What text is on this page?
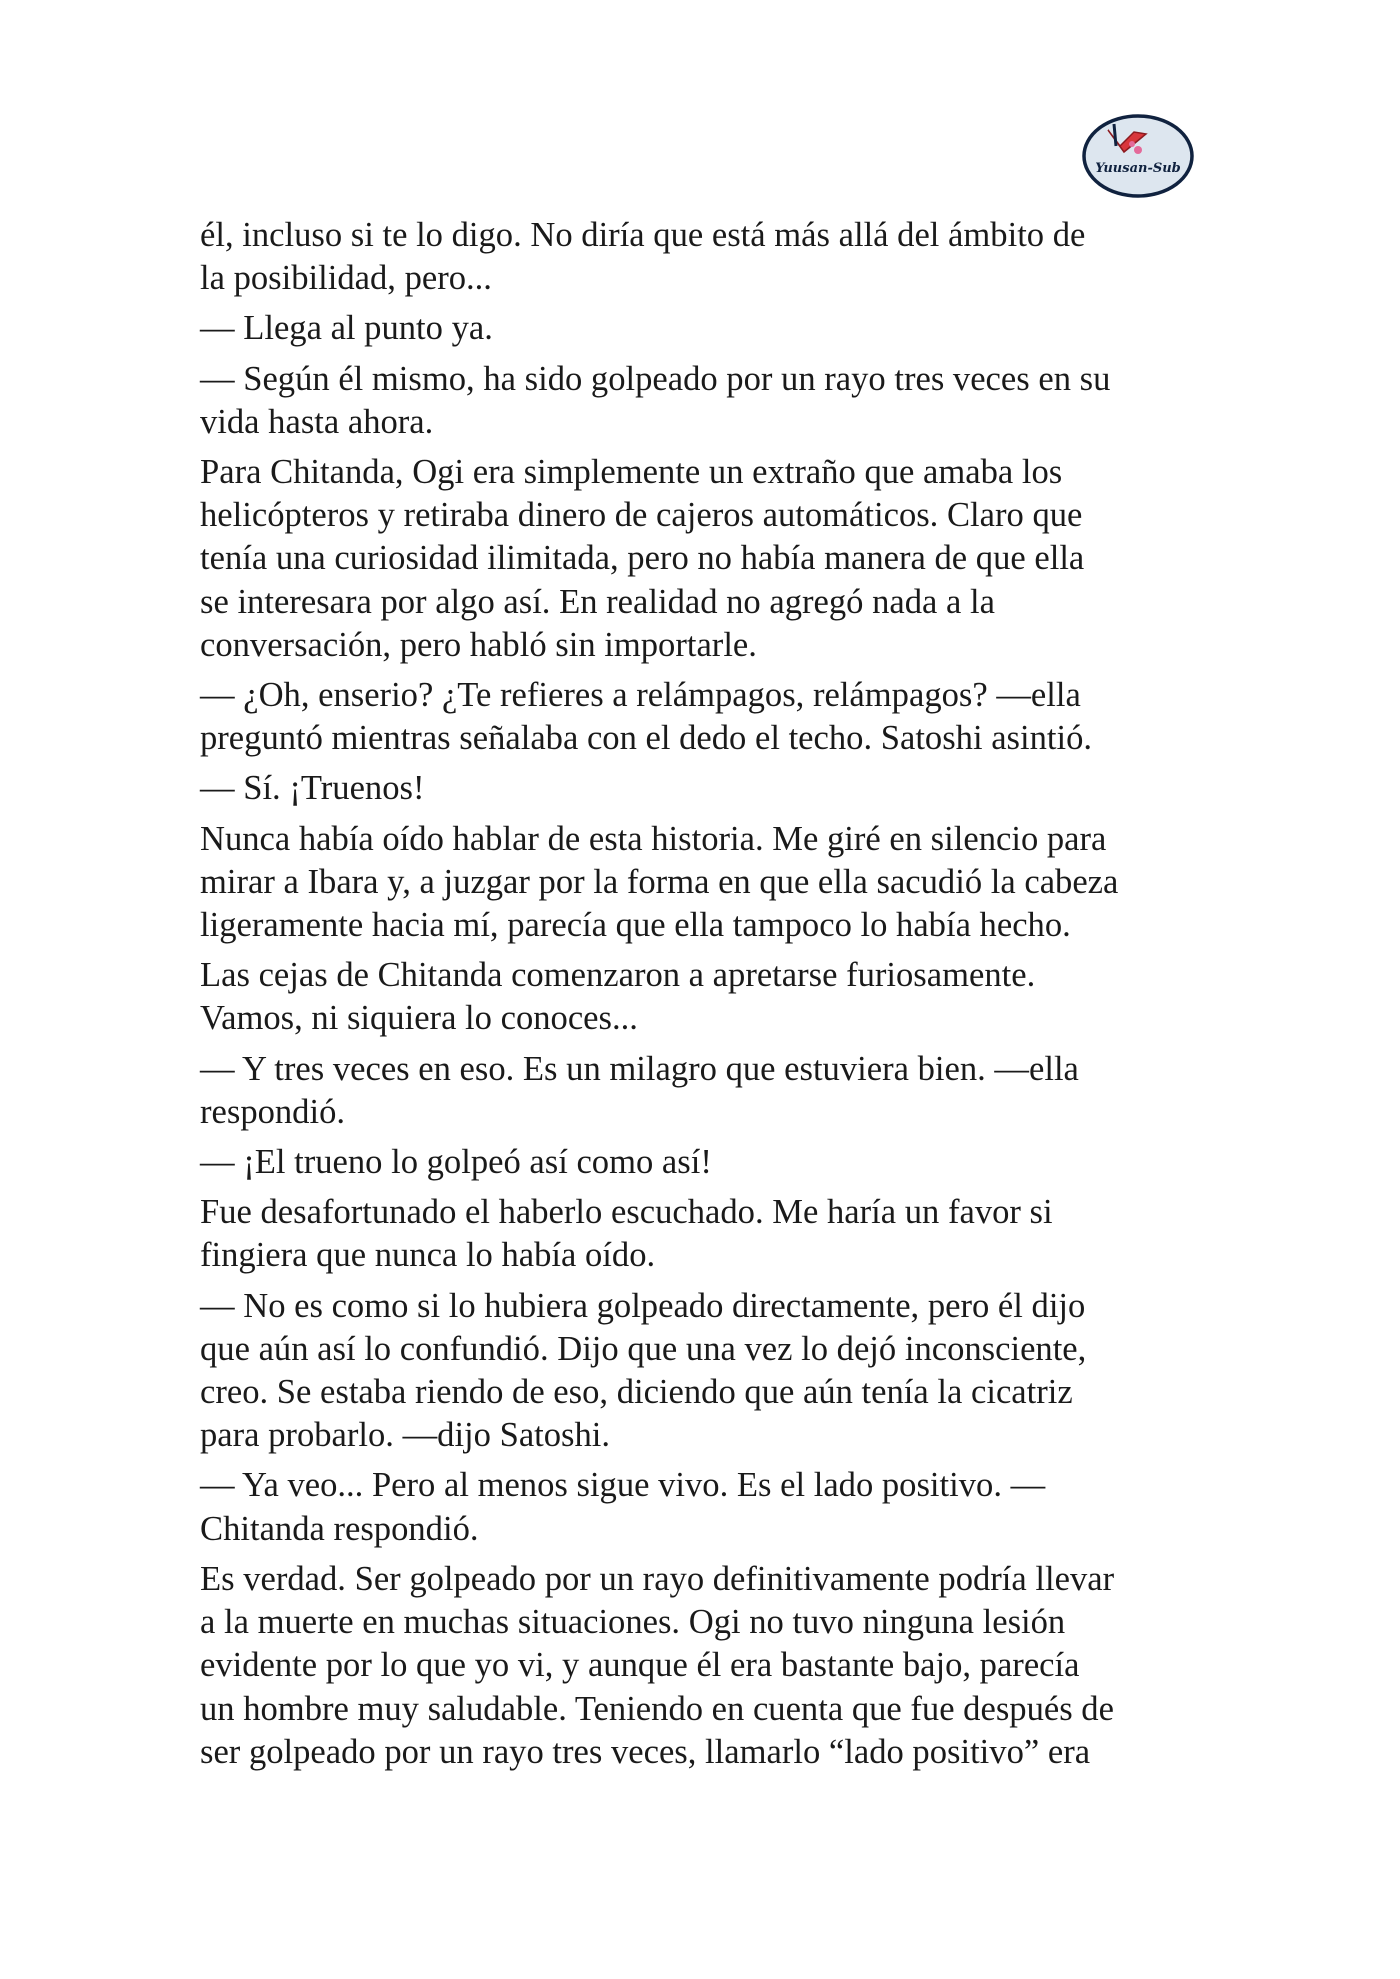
Yuusan-Sub

él, incluso si te lo digo. No diría que está más allá del ámbito de
la posibilidad, pero...

— Llega al punto ya.

— Según él mismo, ha sido golpeado por un rayo tres veces en su
vida hasta ahora.

Para Chitanda, Ogi era simplemente un extraño que amaba los
helicópteros y retiraba dinero de cajeros automáticos. Claro que
tenía una curiosidad ilimitada, pero no había manera de que ella
se interesara por algo así. En realidad no agregó nada a la
conversación, pero habló sin importarle.

— ¿Oh, enserio? ¿Te refieres a relámpagos, relámpagos? —ella
preguntó mientras señalaba con el dedo el techo. Satoshi asintió.

— Sí. ¡Truenos!

Nunca había oído hablar de esta historia. Me giré en silencio para
mirar a Ibara y, a juzgar por la forma en que ella sacudió la cabeza
ligeramente hacia mí, parecía que ella tampoco lo había hecho.

Las cejas de Chitanda comenzaron a apretarse furiosamente.
Vamos, ni siquiera lo conoces...

— Y tres veces en eso. Es un milagro que estuviera bien. —ella
respondió.

— ¡El trueno lo golpeó así como así!

Fue desafortunado el haberlo escuchado. Me haría un favor si
fingiera que nunca lo había oído.

— No es como si lo hubiera golpeado directamente, pero él dijo
que aún así lo confundió. Dijo que una vez lo dejó inconsciente,
creo. Se estaba riendo de eso, diciendo que aún tenía la cicatriz
para probarlo. —dijo Satoshi.

— Ya veo... Pero al menos sigue vivo. Es el lado positivo. —
Chitanda respondió.

Es verdad. Ser golpeado por un rayo definitivamente podría llevar
a la muerte en muchas situaciones. Ogi no tuvo ninguna lesión
evidente por lo que yo vi, y aunque él era bastante bajo, parecía
un hombre muy saludable. Teniendo en cuenta que fue después de
ser golpeado por un rayo tres veces, llamarlo “lado positivo” era
